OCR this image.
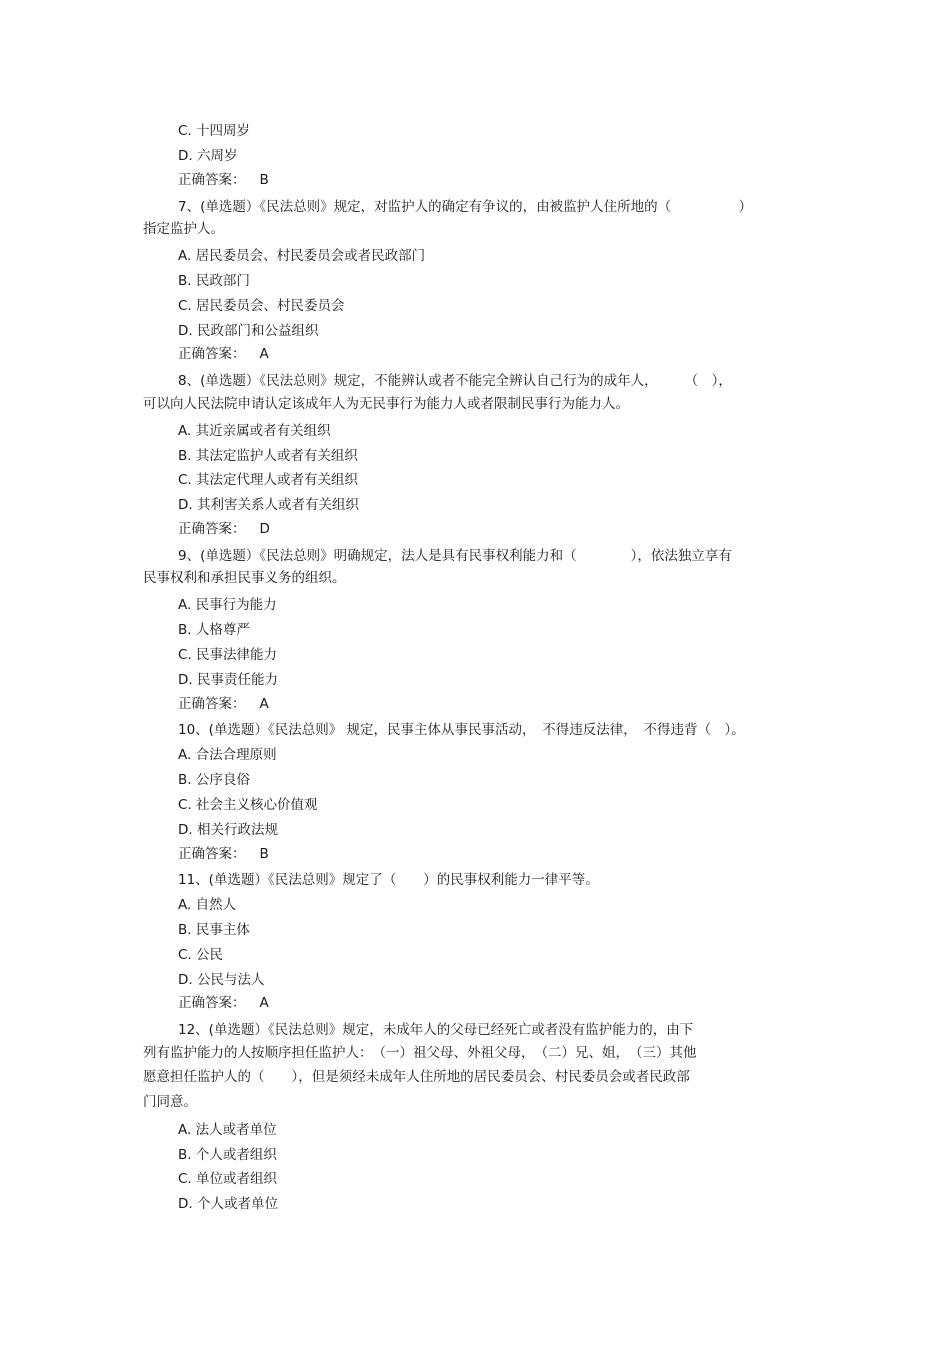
C. 十四周岁
D. 六周岁
正确答案： B
7、(单选题）《民法总则》规定，对监护人的确定有争议的，由被监护人住所地的（　　　　　）
指定监护人。
A. 居民委员会、村民委员会或者民政部门
B. 民政部门
C. 居民委员会、村民委员会
D. 民政部门和公益组织
正确答案： A
8、(单选题）《民法总则》规定，不能辨认或者不能完全辨认自己行为的成年人，　　　（　），
可以向人民法院申请认定该成年人为无民事行为能力人或者限制民事行为能力人。
A. 其近亲属或者有关组织
B. 其法定监护人或者有关组织
C. 其法定代理人或者有关组织
D. 其利害关系人或者有关组织
正确答案： D
9、(单选题）《民法总则》明确规定，法人是具有民事权利能力和（　　　　），依法独立享有
民事权利和承担民事义务的组织。
A. 民事行为能力
B. 人格尊严
C. 民事法律能力
D. 民事责任能力
正确答案： A
10、(单选题）《民法总则》 规定，民事主体从事民事活动，　不得违反法律，　不得违背（　）。
A. 合法合理原则
B. 公序良俗
C. 社会主义核心价值观
D. 相关行政法规
正确答案： B
11、(单选题）《民法总则》规定了（　　）的民事权利能力一律平等。
A. 自然人
B. 民事主体
C. 公民
D. 公民与法人
正确答案： A
12、(单选题）《民法总则》规定，未成年人的父母已经死亡或者没有监护能力的，由下
列有监护能力的人按顺序担任监护人：　（一）祖父母、外祖父母，　（二）兄、姐，　（三）其他
愿意担任监护人的（　　），但是须经未成年人住所地的居民委员会、村民委员会或者民政部
门同意。
A. 法人或者单位
B. 个人或者组织
C. 单位或者组织
D. 个人或者单位
